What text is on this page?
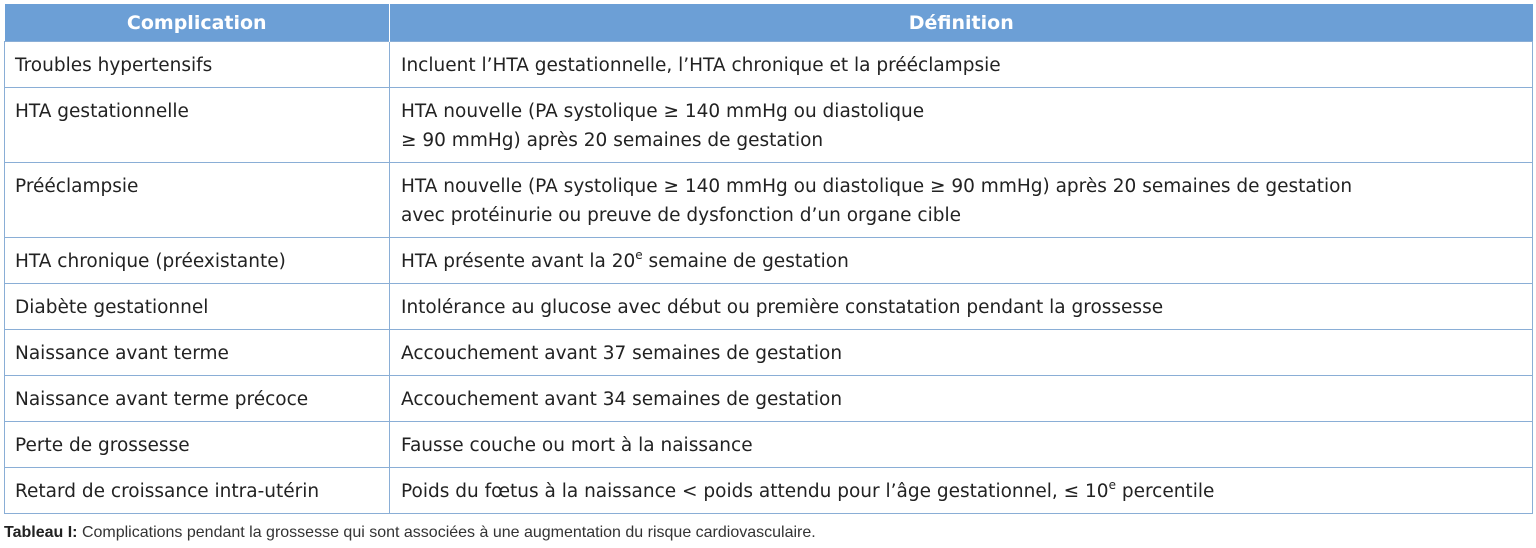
Complication	Définition
Troubles hypertensifs	Incluent l’HTA gestationnelle, l’HTA chronique et la prééclampsie
HTA gestationnelle	HTA nouvelle (PA systolique ≥ 140 mmHg ou diastolique
≥ 90 mmHg) après 20 semaines de gestation
Prééclampsie	HTA nouvelle (PA systolique ≥ 140 mmHg ou diastolique ≥ 90 mmHg) après 20 semaines de gestation
avec protéinurie ou preuve de dysfonction d’un organe cible
HTA chronique (préexistante)	HTA présente avant la 20e semaine de gestation
Diabète gestationnel	Intolérance au glucose avec début ou première constatation pendant la grossesse
Naissance avant terme	Accouchement avant 37 semaines de gestation
Naissance avant terme précoce	Accouchement avant 34 semaines de gestation
Perte de grossesse	Fausse couche ou mort à la naissance
Retard de croissance intra-utérin	Poids du fœtus à la naissance < poids attendu pour l’âge gestationnel, ≤ $10^e$ percentile
Tableau I: Complications pendant la grossesse qui sont associées à une augmentation du risque cardiovasculaire.
